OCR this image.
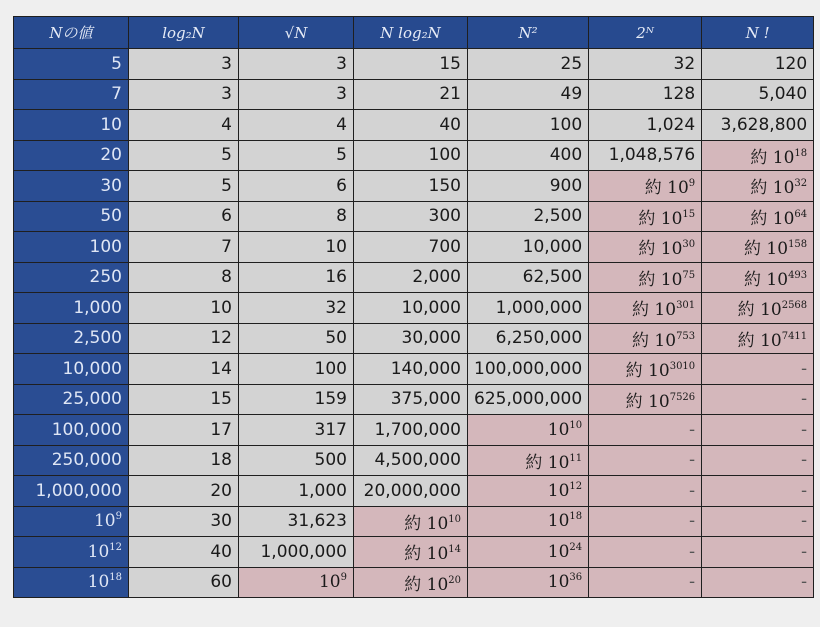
Nの値	log₂N	√N	N log₂N	N²	2ᴺ	N !
5	3	3	15	25	32	120
7	3	3	21	49	128	5,040
10	4	4	40	100	1,024	3,628,800
20	5	5	100	400	1,048,576	約 $10^{18}$
30	5	6	150	900	約 $10^9$	約 $10^{32}$
50	6	8	300	2,500	約 $10^{15}$	約 $10^{64}$
100	7	10	700	10,000	約 $10^{30}$	約 $10^{158}$
250	8	16	2,000	62,500	約 $10^{75}$	約 $10^{493}$
1,000	10	32	10,000	1,000,000	約 $10^{301}$	約 $10^{2568}$
2,500	12	50	30,000	6,250,000	約 $10^{753}$	約 $10^{7411}$
10,000	14	100	140,000	100,000,000	約 $10^{3010}$	-
25,000	15	159	375,000	625,000,000	約 $10^{7526}$	-
100,000	17	317	1,700,000	$10^{10}$	-	-
250,000	18	500	4,500,000	約 $10^{11}$	-	-
1,000,000	20	1,000	20,000,000	$10^{12}$	-	-
$10^9$	30	31,623	約 $10^{10}$	$10^{18}$	-	-
$10^{12}$	40	1,000,000	約 $10^{14}$	$10^{24}$	-	-
$10^{18}$	60	$10^9$	約 $10^{20}$	$10^{36}$	-	-
